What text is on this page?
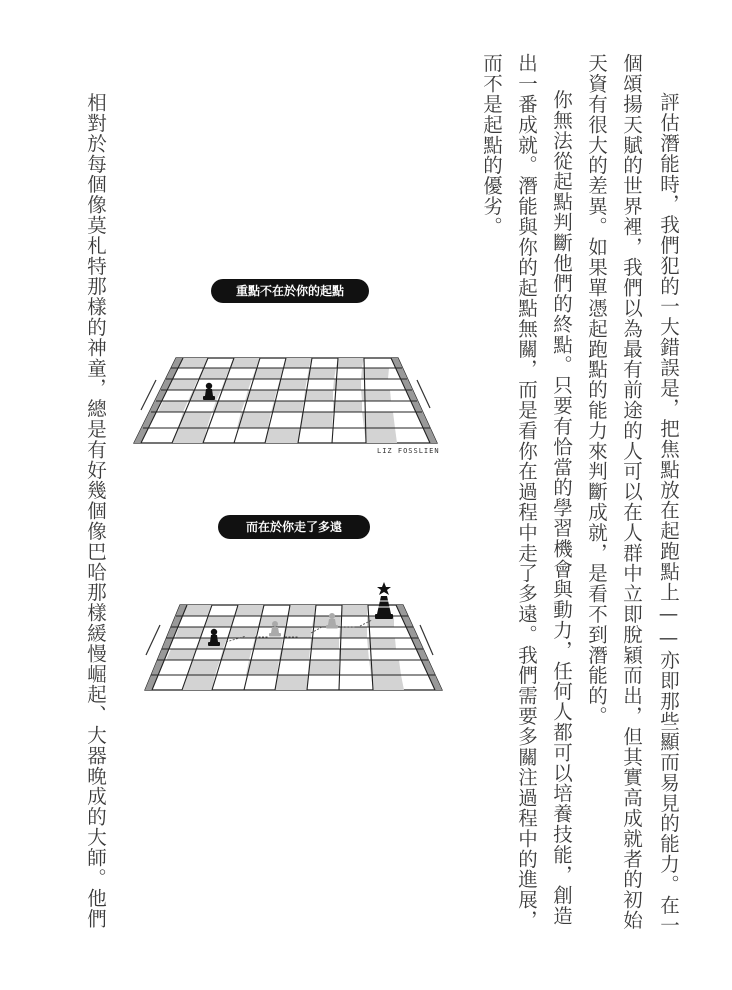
評估潛能時，我們犯的一大錯誤是，把焦點放在起跑點上——亦即那些顯而易見的能力。在一
個頌揚天賦的世界裡，我們以為最有前途的人可以在人群中立即脫穎而出，但其實高成就者的初始
天資有很大的差異。如果單憑起跑點的能力來判斷成就，是看不到潛能的。
　你無法從起點判斷他們的終點。只要有恰當的學習機會與動力，任何人都可以培養技能，創造
出一番成就。潛能與你的起點無關，而是看你在過程中走了多遠。我們需要多關注過程中的進展，
而不是起點的優劣。
　相對於每個像莫札特那樣的神童，總是有好幾個像巴哈那樣緩慢崛起、大器晚成的大師。他們	重點不在於你的起點
LIZ FOSSLIEN
而在於你走了多遠
